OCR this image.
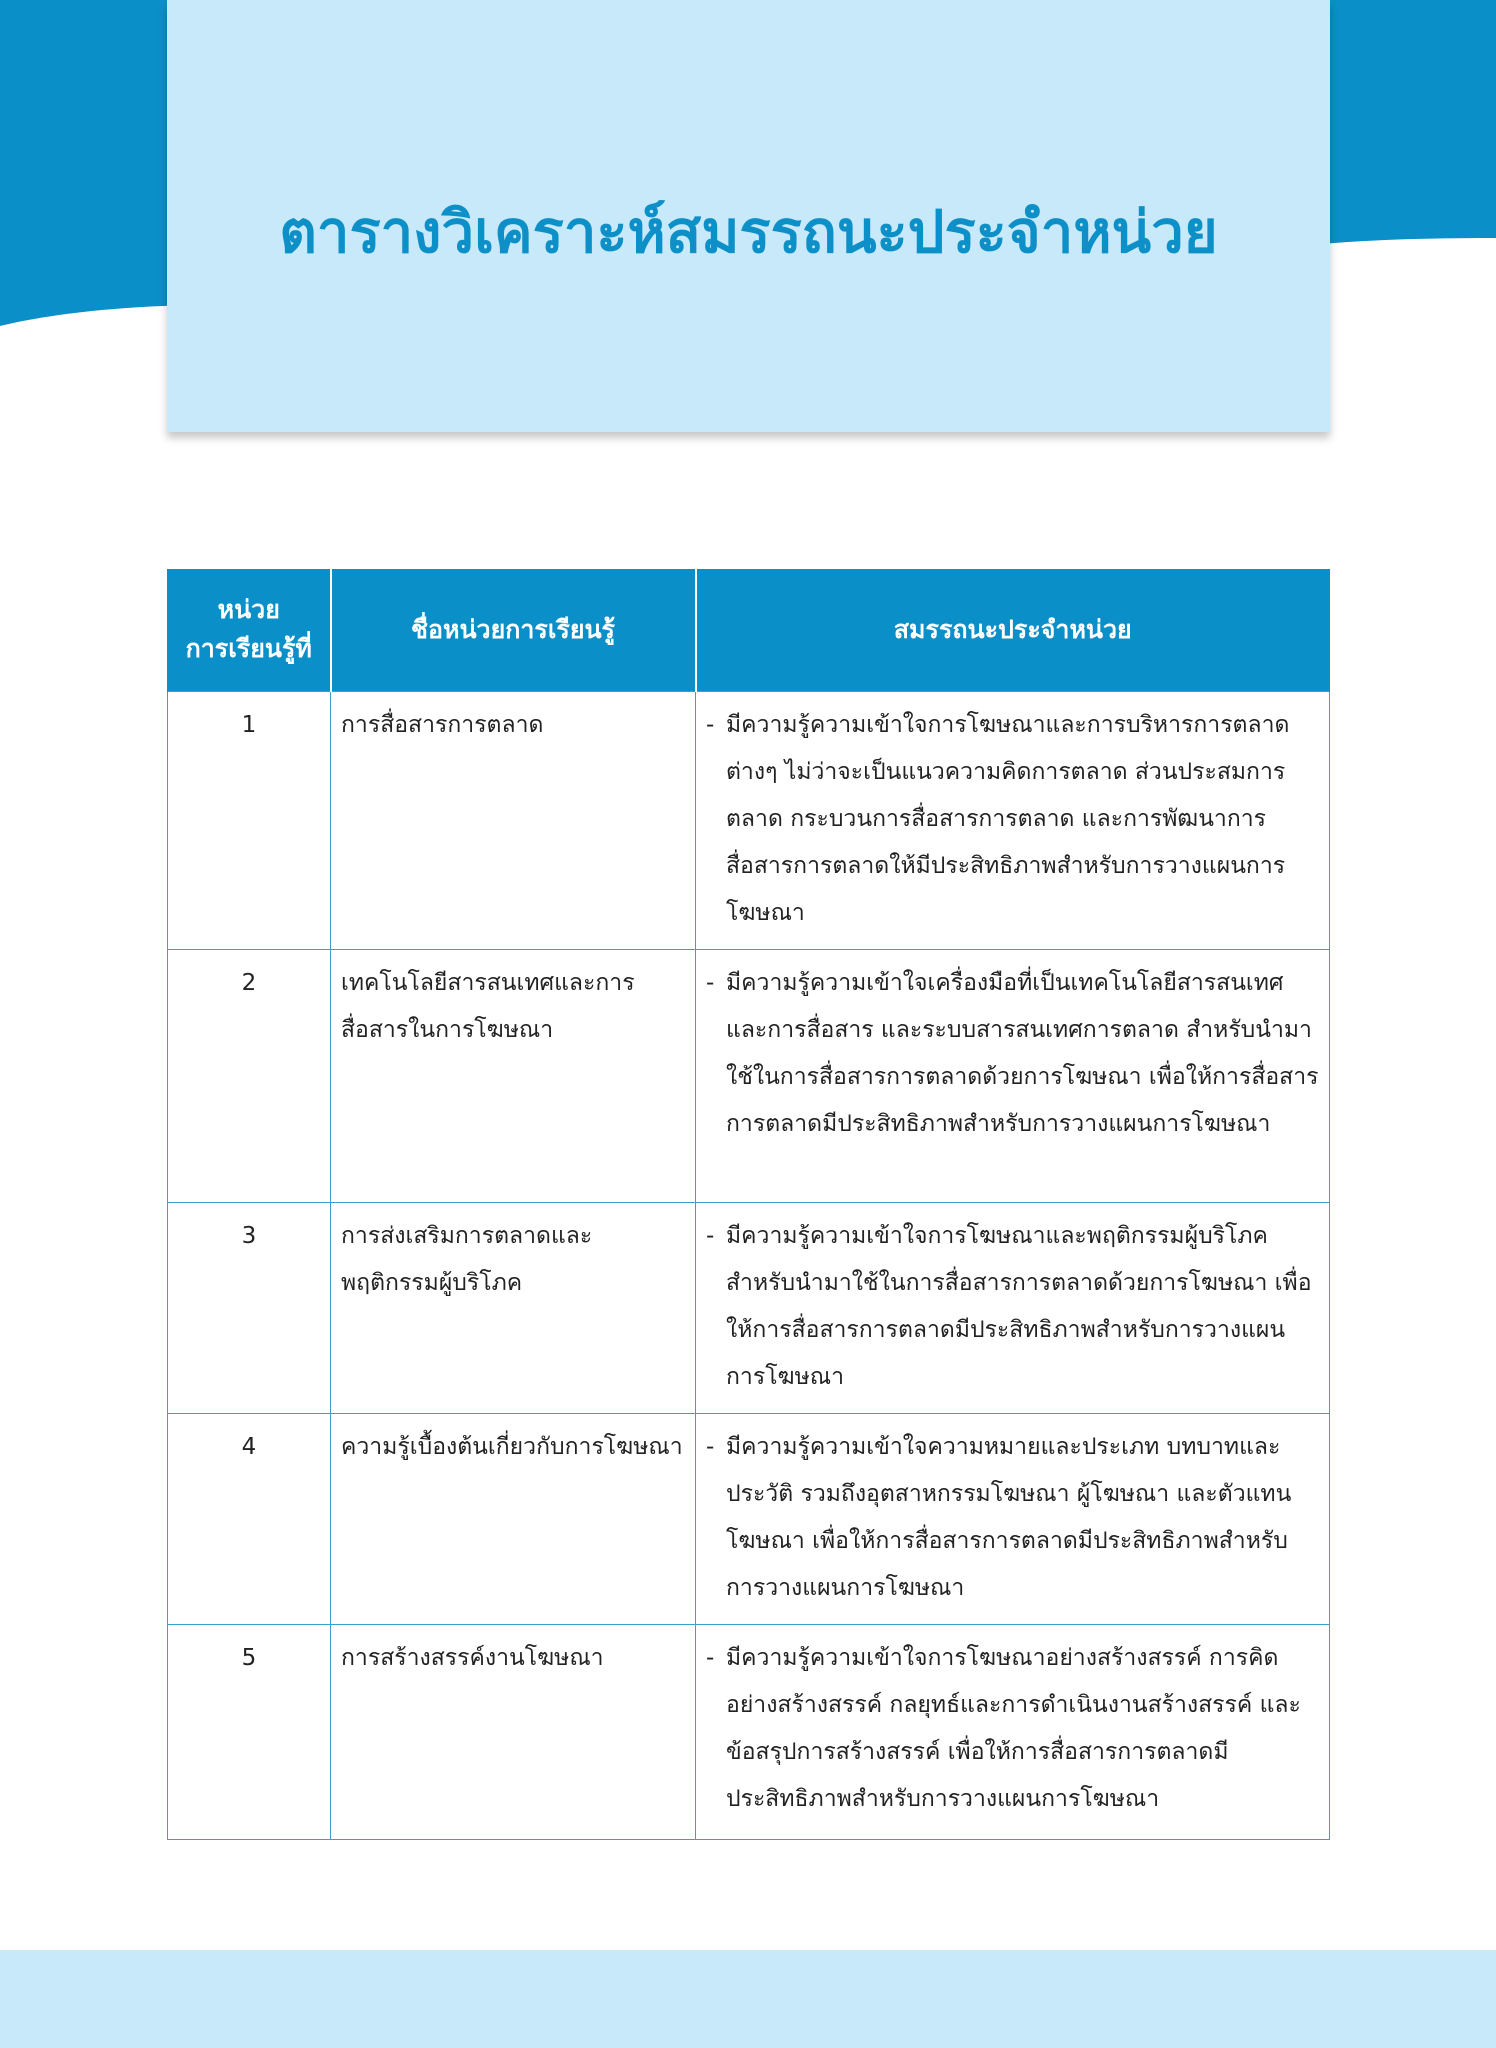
ตารางวิเคราะห์สมรรถนะประจำหน่วย
หน่วย
การเรียนรู้ที่	ชื่อหน่วยการเรียนรู้	สมรรถนะประจำหน่วย
1	การสื่อสารการตลาด	- มีความรู้ความเข้าใจการโฆษณาและการบริหารการตลาดต่างๆ ไม่ว่าจะเป็นแนวความคิดการตลาด ส่วนประสมการตลาด กระบวนการสื่อสารการตลาด และการพัฒนาการสื่อสารการตลาดให้มีประสิทธิภาพสำหรับการวางแผนการโฆษณา

2	เทคโนโลยีสารสนเทศและการสื่อสารในการโฆษณา	- มีความรู้ความเข้าใจเครื่องมือที่เป็นเทคโนโลยีสารสนเทศและการสื่อสาร และระบบสารสนเทศการตลาด สำหรับนำมาใช้ในการสื่อสารการตลาดด้วยการโฆษณา เพื่อให้การสื่อสารการตลาดมีประสิทธิภาพสำหรับการวางแผนการโฆษณา

3	การส่งเสริมการตลาดและพฤติกรรมผู้บริโภค	- มีความรู้ความเข้าใจการโฆษณาและพฤติกรรมผู้บริโภคสำหรับนำมาใช้ในการสื่อสารการตลาดด้วยการโฆษณา เพื่อให้การสื่อสารการตลาดมีประสิทธิภาพสำหรับการวางแผนการโฆษณา

4	ความรู้เบื้องต้นเกี่ยวกับการโฆษณา	- มีความรู้ความเข้าใจความหมายและประเภท บทบาทและประวัติ รวมถึงอุตสาหกรรมโฆษณา ผู้โฆษณา และตัวแทนโฆษณา เพื่อให้การสื่อสารการตลาดมีประสิทธิภาพสำหรับการวางแผนการโฆษณา

5	การสร้างสรรค์งานโฆษณา	- มีความรู้ความเข้าใจการโฆษณาอย่างสร้างสรรค์ การคิดอย่างสร้างสรรค์ กลยุทธ์และการดำเนินงานสร้างสรรค์ และข้อสรุปการสร้างสรรค์ เพื่อให้การสื่อสารการตลาดมีประสิทธิภาพสำหรับการวางแผนการโฆษณา
